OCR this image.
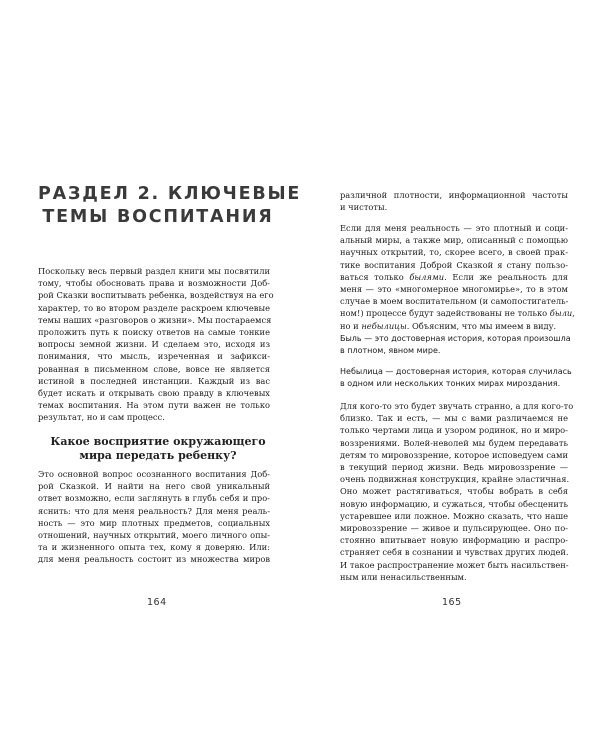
РАЗДЕЛ 2. КЛЮЧЕВЫЕ
ТЕМЫ ВОСПИТАНИЯ
Поскольку весь первый раздел книги мы посвятили
тому, чтобы обосновать права и возможности Доб-
рой Сказки воспитывать ребенка, воздействуя на его
характер, то во втором разделе раскроем ключевые
темы наших «разговоров о жизни». Мы постараемся
проложить путь к поиску ответов на самые тонкие
вопросы земной жизни. И сделаем это, исходя из
понимания, что мысль, изреченная и зафикси-
рованная в письменном слове, вовсе не является
истиной в последней инстанции. Каждый из вас
будет искать и открывать свою правду в ключевых
темах воспитания. На этом пути важен не только
результат, но и сам процесс.
Какое восприятие окружающего
мира передать ребенку?
Это основной вопрос осознанного воспитания Доб-
рой Сказкой. И найти на него свой уникальный
ответ возможно, если заглянуть в глубь себя и про-
яснить: что для меня реальность? Для меня реаль-
ность — это мир плотных предметов, социальных
отношений, научных открытий, моего личного опы-
та и жизненного опыта тех, кому я доверяю. Или:
для меня реальность состоит из множества миров
164
различной плотности, информационной частоты
и чистоты.
Если для меня реальность — это плотный и соци-
альный миры, а также мир, описанный с помощью
научных открытий, то, скорее всего, в своей прак-
тике воспитания Доброй Сказкой я стану пользо-
ваться только былями. Если же реальность для
меня — это «многомерное многомирье», то в этом
случае в моем воспитательном (и самопостигатель-
ном!) процессе будут задействованы не только были,
но и небылицы. Объясним, что мы имеем в виду.
Быль — это достоверная история, которая произошла
в плотном, явном мире.
Небылица — достоверная история, которая случилась
в одном или нескольких тонких мирах мироздания.
Для кого-то это будет звучать странно, а для кого-то
близко. Так и есть, — мы с вами различаемся не
только чертами лица и узором родинок, но и миро-
воззрениями. Волей-неволей мы будем передавать
детям то мировоззрение, которое исповедуем сами
в текущий период жизни. Ведь мировоззрение —
очень подвижная конструкция, крайне эластичная.
Оно может растягиваться, чтобы вобрать в себя
новую информацию, и сужаться, чтобы обесценить
устаревшее или ложное. Можно сказать, что наше
мировоззрение — живое и пульсирующее. Оно по-
стоянно впитывает новую информацию и распро-
страняет себя в сознании и чувствах других людей.
И такое распространение может быть насильствен-
ным или ненасильственным.
165
